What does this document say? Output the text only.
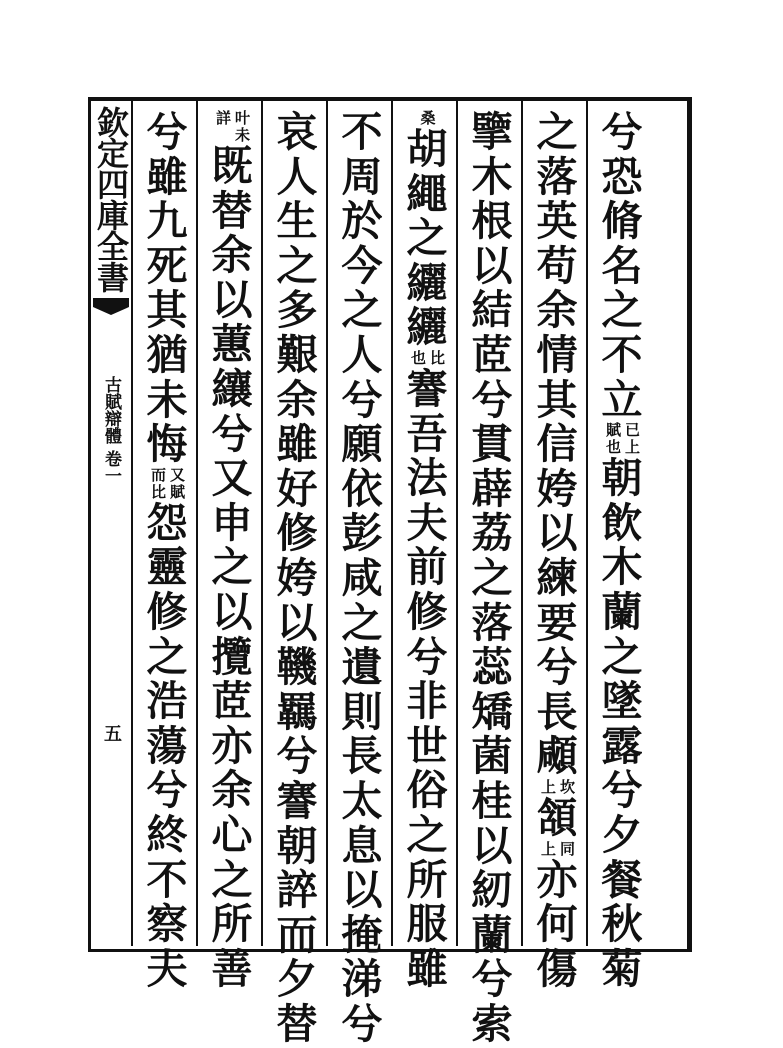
欽定四庫全書
古賦辯體 卷一
五
兮
恐
脩
名
之
不
立
已上
賦也
朝
飲
木
蘭
之
墜
露
兮
夕
餐
秋
菊
之
落
英
苟
余
情
其
信
姱
以
練
要
兮
長
顑
坎
上
頷
同
上
亦
何
傷
擥
木
根
以
結
茝
兮
貫
薜
荔
之
落
蕊
矯
菌
桂
以
紉
蘭
兮
索
桑
胡
繩
之
纚
纚
比
也
謇
吾
法
夫
前
修
兮
非
世
俗
之
所
服
雖
不
周
於
今
之
人
兮
願
依
彭
咸
之
遺
則
長
太
息
以
掩
涕
兮
哀
人
生
之
多
艱
余
雖
好
修
姱
以
鞿
羈
兮
謇
朝
誶
而
夕
替
叶未
詳
既
替
余
以
蕙
纕
兮
又
申
之
以
攬
茝
亦
余
心
之
所
善
兮
雖
九
死
其
猶
未
悔
又賦
而比
怨
靈
修
之
浩
蕩
兮
終
不
察
夫
